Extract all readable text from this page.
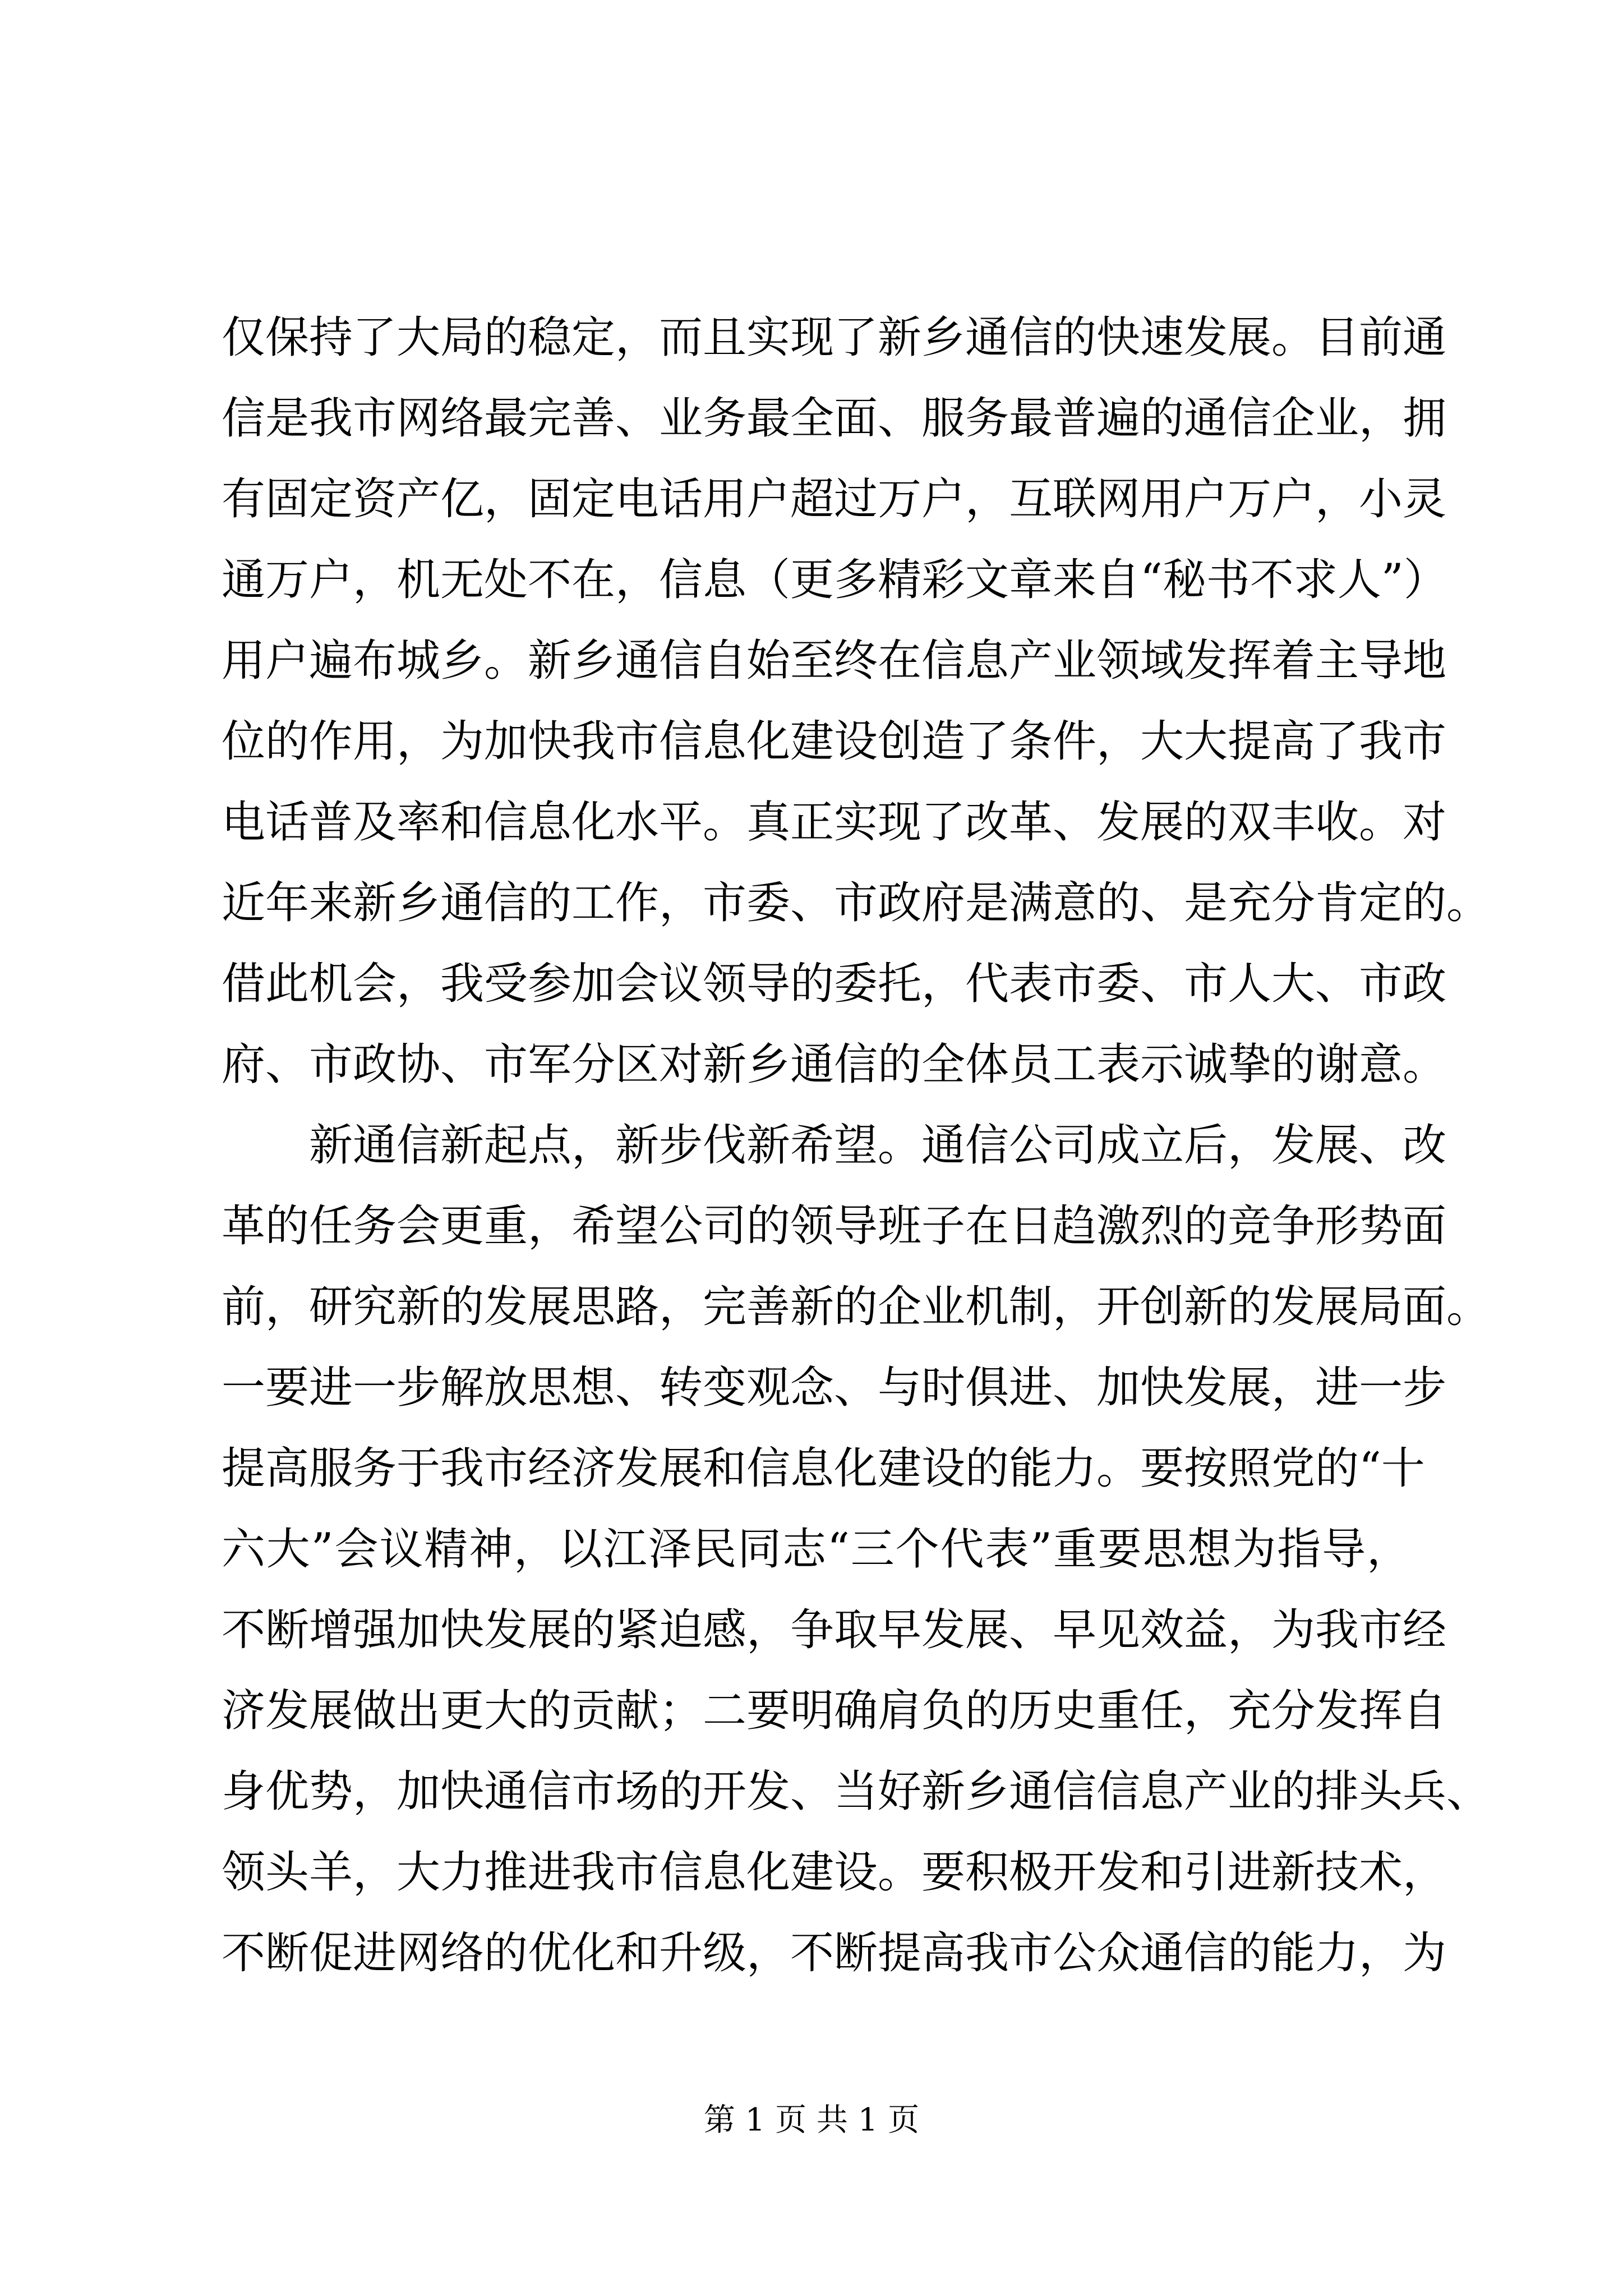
仅保持了大局的稳定，而且实现了新乡通信的快速发展。目前通
信是我市网络最完善、业务最全面、服务最普遍的通信企业，拥
有固定资产亿，固定电话用户超过万户，互联网用户万户，小灵
通万户，机无处不在，信息（更多精彩文章来自“秘书不求人”）
用户遍布城乡。新乡通信自始至终在信息产业领域发挥着主导地
位的作用，为加快我市信息化建设创造了条件，大大提高了我市
电话普及率和信息化水平。真正实现了改革、发展的双丰收。对
近年来新乡通信的工作，市委、市政府是满意的、是充分肯定的。
借此机会，我受参加会议领导的委托，代表市委、市人大、市政
府、市政协、市军分区对新乡通信的全体员工表示诚挚的谢意。
新通信新起点，新步伐新希望。通信公司成立后，发展、改
革的任务会更重，希望公司的领导班子在日趋激烈的竞争形势面
前，研究新的发展思路，完善新的企业机制，开创新的发展局面。
一要进一步解放思想、转变观念、与时俱进、加快发展，进一步
提高服务于我市经济发展和信息化建设的能力。要按照党的“十
六大”会议精神，以江泽民同志“三个代表”重要思想为指导，
不断增强加快发展的紧迫感，争取早发展、早见效益，为我市经
济发展做出更大的贡献；二要明确肩负的历史重任，充分发挥自
身优势，加快通信市场的开发、当好新乡通信信息产业的排头兵、
领头羊，大力推进我市信息化建设。要积极开发和引进新技术，
不断促进网络的优化和升级，不断提高我市公众通信的能力，为
第 1 页 共 1 页
